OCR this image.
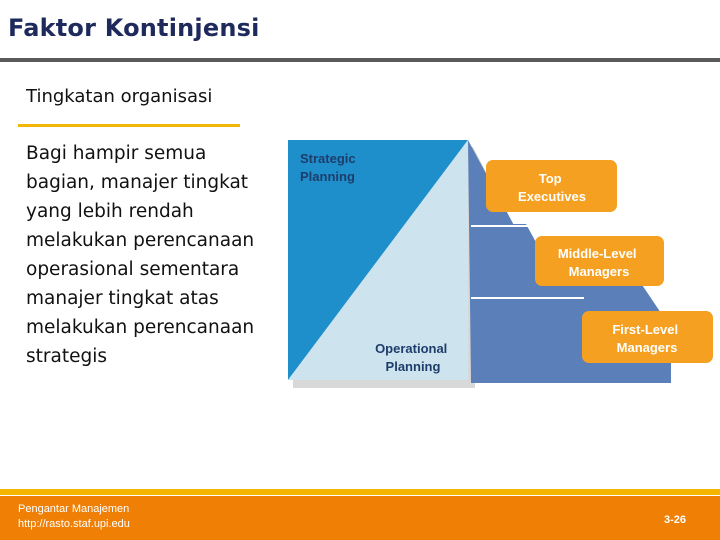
Faktor Kontinjensi
Tingkatan organisasi
Bagi hampir semua bagian, manajer tingkat yang lebih rendah melakukan perencanaan operasional sementara manajer tingkat atas melakukan perencanaan strategis
Strategic Planning
Operational Planning
Top Executives
Middle-Level Managers
First-Level Managers
Pengantar Manajemen
http://rasto.staf.upi.edu	3-26
